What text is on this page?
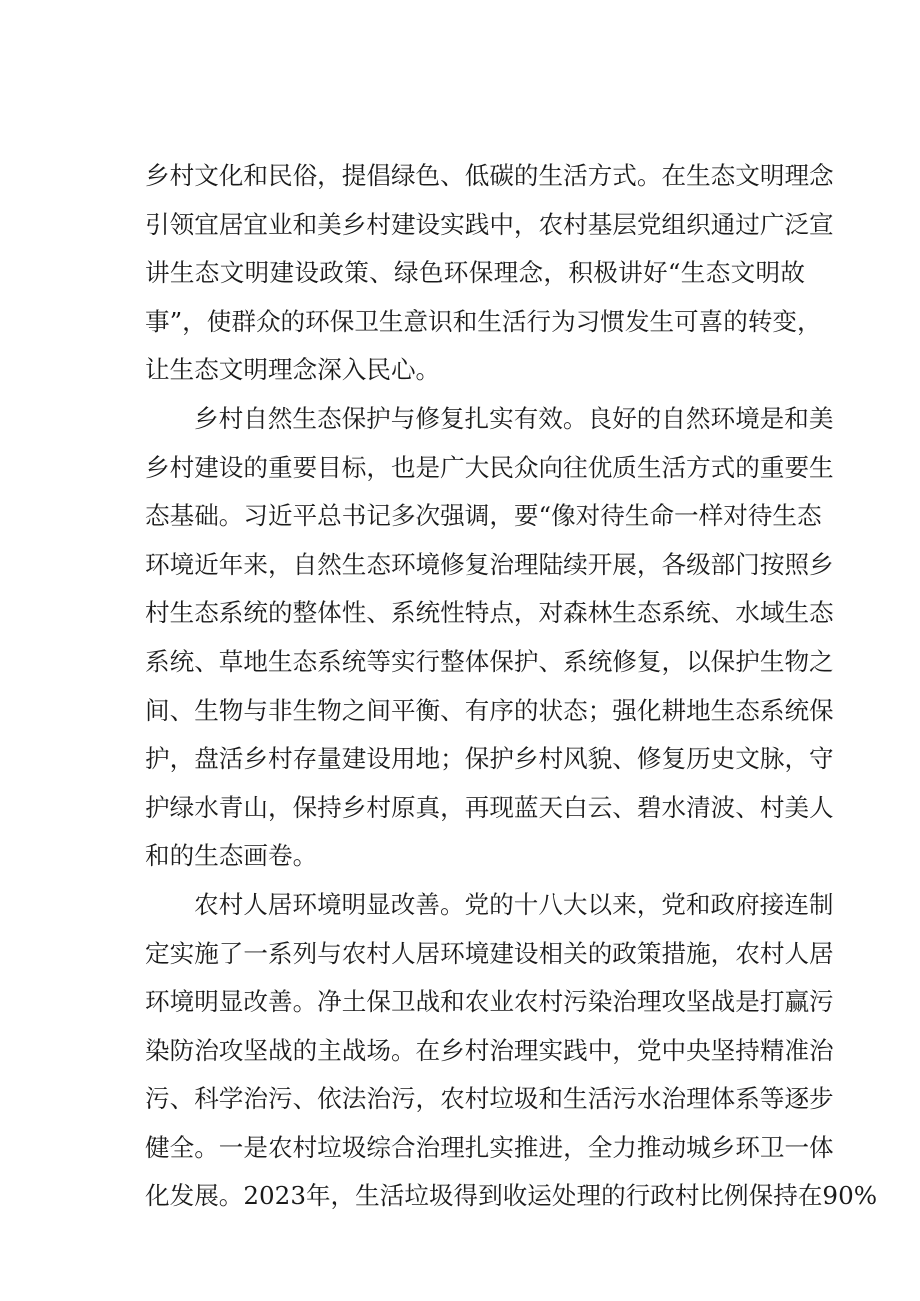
乡村文化和民俗，提倡绿色、低碳的生活方式。在生态文明理念
引领宜居宜业和美乡村建设实践中，农村基层党组织通过广泛宣
讲生态文明建设政策、绿色环保理念，积极讲好“生态文明故
事”，使群众的环保卫生意识和生活行为习惯发生可喜的转变，
让生态文明理念深入民心。
乡村自然生态保护与修复扎实有效。良好的自然环境是和美
乡村建设的重要目标，也是广大民众向往优质生活方式的重要生
态基础。习近平总书记多次强调，要“像对待生命一样对待生态
环境近年来，自然生态环境修复治理陆续开展，各级部门按照乡
村生态系统的整体性、系统性特点，对森林生态系统、水域生态
系统、草地生态系统等实行整体保护、系统修复，以保护生物之
间、生物与非生物之间平衡、有序的状态；强化耕地生态系统保
护，盘活乡村存量建设用地；保护乡村风貌、修复历史文脉，守
护绿水青山，保持乡村原真，再现蓝天白云、碧水清波、村美人
和的生态画卷。
农村人居环境明显改善。党的十八大以来，党和政府接连制
定实施了一系列与农村人居环境建设相关的政策措施，农村人居
环境明显改善。净土保卫战和农业农村污染治理攻坚战是打赢污
染防治攻坚战的主战场。在乡村治理实践中，党中央坚持精准治
污、科学治污、依法治污，农村垃圾和生活污水治理体系等逐步
健全。一是农村垃圾综合治理扎实推进，全力推动城乡环卫一体
化发展。2023年，生活垃圾得到收运处理的行政村比例保持在90%
